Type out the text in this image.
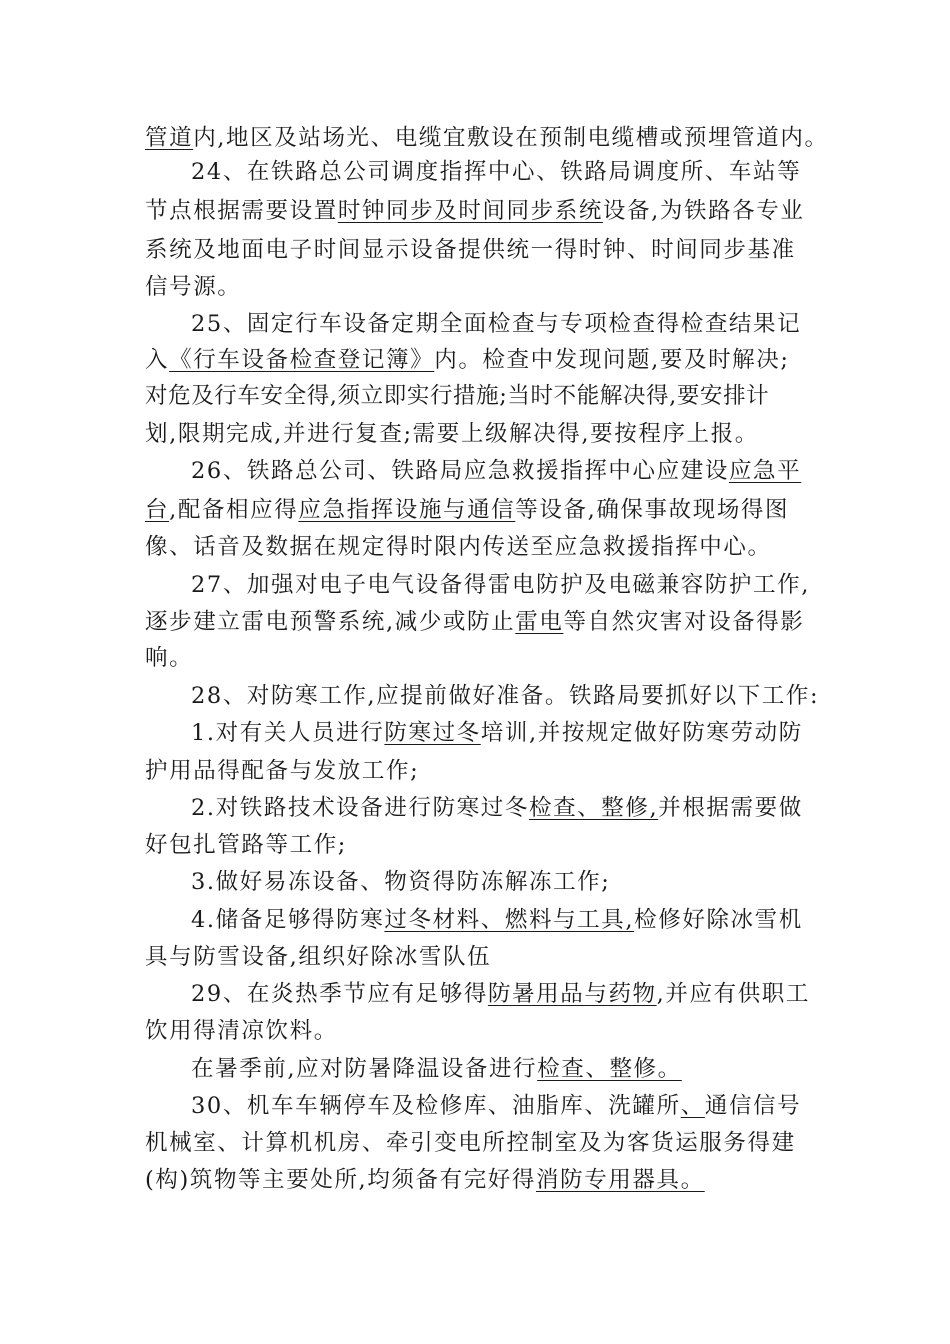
管道内,地区及站场光、电缆宜敷设在预制电缆槽或预埋管道内。
24、在铁路总公司调度指挥中心、铁路局调度所、车站等
节点根据需要设置时钟同步及时间同步系统设备,为铁路各专业
系统及地面电子时间显示设备提供统一得时钟、时间同步基准
信号源。
25、固定行车设备定期全面检查与专项检查得检查结果记
入《行车设备检查登记簿》内。检查中发现问题,要及时解决;
对危及行车安全得,须立即实行措施;当时不能解决得,要安排计
划,限期完成,并进行复查;需要上级解决得,要按程序上报。
26、铁路总公司、铁路局应急救援指挥中心应建设应急平
台,配备相应得应急指挥设施与通信等设备,确保事故现场得图
像、话音及数据在规定得时限内传送至应急救援指挥中心。
27、加强对电子电气设备得雷电防护及电磁兼容防护工作,
逐步建立雷电预警系统,减少或防止雷电等自然灾害对设备得影
响。
28、对防寒工作,应提前做好准备。铁路局要抓好以下工作:
1.对有关人员进行防寒过冬培训,并按规定做好防寒劳动防
护用品得配备与发放工作;
2.对铁路技术设备进行防寒过冬检查、整修,并根据需要做
好包扎管路等工作;
3.做好易冻设备、物资得防冻解冻工作;
4.储备足够得防寒过冬材料、燃料与工具,检修好除冰雪机
具与防雪设备,组织好除冰雪队伍
29、在炎热季节应有足够得防暑用品与药物,并应有供职工
饮用得清凉饮料。
在暑季前,应对防暑降温设备进行检查、整修。
30、机车车辆停车及检修库、油脂库、洗罐所、通信信号
机械室、计算机机房、牵引变电所控制室及为客货运服务得建
(构)筑物等主要处所,均须备有完好得消防专用器具。
